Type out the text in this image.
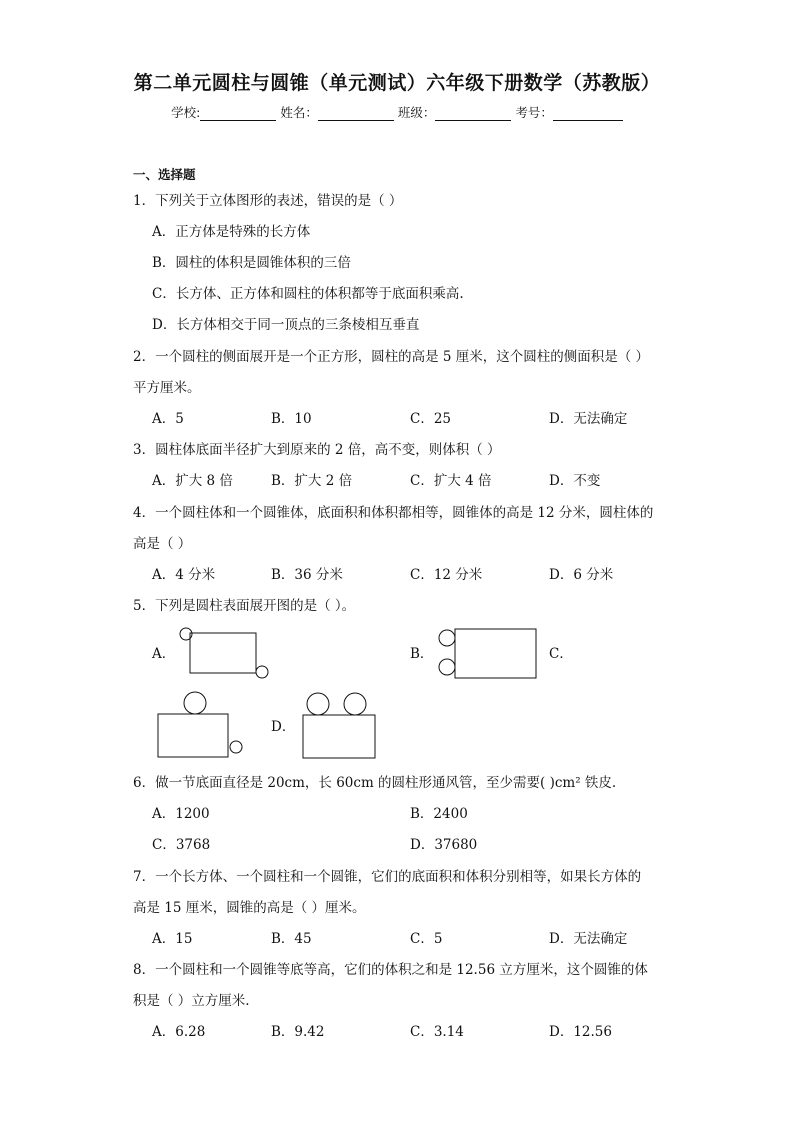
第二单元圆柱与圆锥（单元测试）六年级下册数学（苏教版）
学校:	姓名：	班级：	考号：
一、选择题
1．下列关于立体图形的表述，错误的是（ ）
A．正方体是特殊的长方体
B．圆柱的体积是圆锥体积的三倍
C．长方体、正方体和圆柱的体积都等于底面积乘高.
D．长方体相交于同一顶点的三条棱相互垂直
2．一个圆柱的侧面展开是一个正方形，圆柱的高是 5 厘米，这个圆柱的侧面积是（ ）
平方厘米。
A．5	B．10	C．25	D．无法确定
3．圆柱体底面半径扩大到原来的 2 倍，高不变，则体积（ ）
A．扩大 8 倍	B．扩大 2 倍	C．扩大 4 倍	D．不变
4．一个圆柱体和一个圆锥体，底面积和体积都相等，圆锥体的高是 12 分米，圆柱体的
高是（ ）
A．4 分米	B．36 分米	C．12 分米	D．6 分米
5．下列是圆柱表面展开图的是（ ）。
A．	B．	C．
D．
6．做一节底面直径是 20cm，长 60cm 的圆柱形通风管，至少需要( )cm² 铁皮.
A．1200	B．2400
C．3768	D．37680
7．一个长方体、一个圆柱和一个圆锥，它们的底面积和体积分别相等，如果长方体的
高是 15 厘米，圆锥的高是（ ）厘米。
A．15	B．45	C．5	D．无法确定
8．一个圆柱和一个圆锥等底等高，它们的体积之和是 12.56 立方厘米，这个圆锥的体
积是（ ）立方厘米.
A．6.28	B．9.42	C．3.14	D．12.56
